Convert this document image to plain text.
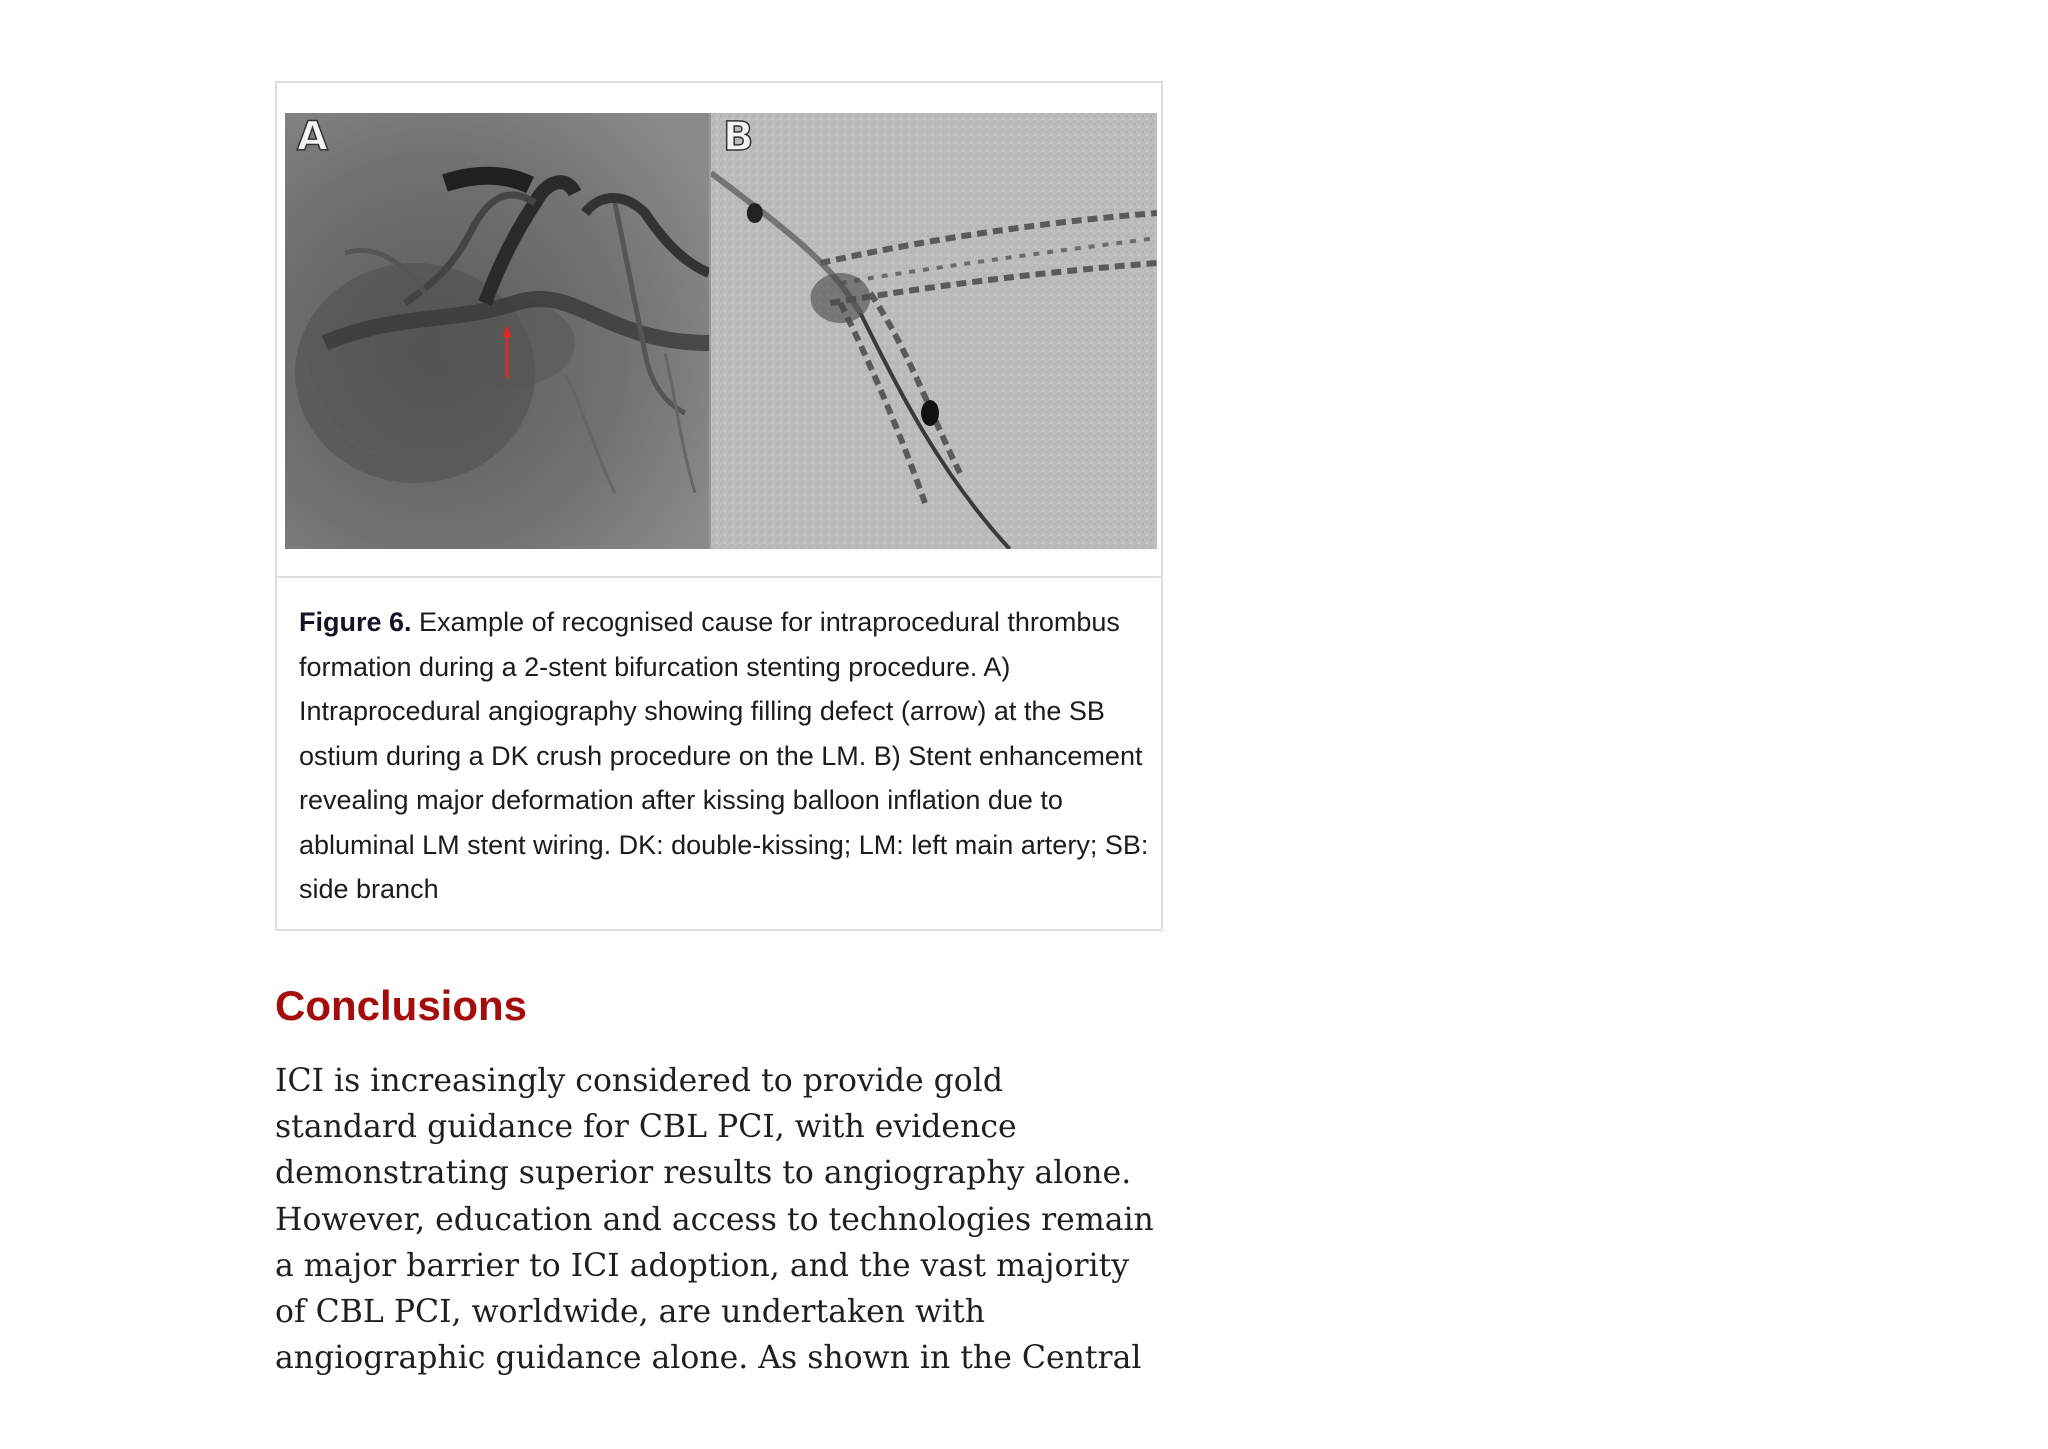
A	B
Figure 6. Example of recognised cause for intraprocedural thrombus formation during a 2-stent bifurcation stenting procedure. A) Intraprocedural angiography showing filling defect (arrow) at the SB ostium during a DK crush procedure on the LM. B) Stent enhancement revealing major deformation after kissing balloon inflation due to abluminal LM stent wiring. DK: double-kissing; LM: left main artery; SB: side branch
Conclusions

ICI is increasingly considered to provide gold standard guidance for CBL PCI, with evidence demonstrating superior results to angiography alone. However, education and access to technologies remain a major barrier to ICI adoption, and the vast majority of CBL PCI, worldwide, are undertaken with angiographic guidance alone. As shown in the Central
